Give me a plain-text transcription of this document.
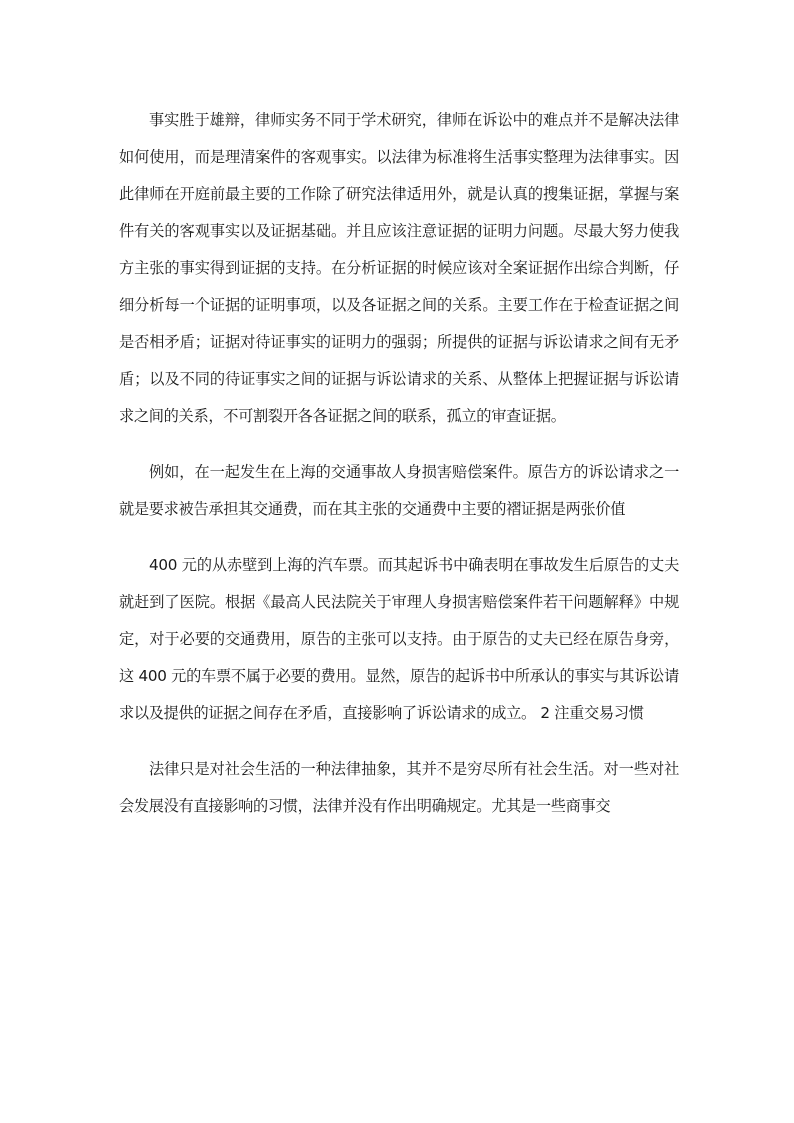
事实胜于雄辩，律师实务不同于学术研究，律师在诉讼中的难点并不是解决法律如何使用，而是理清案件的客观事实。以法律为标准将生活事实整理为法律事实。因此律师在开庭前最主要的工作除了研究法律适用外，就是认真的搜集证据，掌握与案件有关的客观事实以及证据基础。并且应该注意证据的证明力问题。尽最大努力使我方主张的事实得到证据的支持。在分析证据的时候应该对全案证据作出综合判断，仔细分析每一个证据的证明事项，以及各证据之间的关系。主要工作在于检查证据之间是否相矛盾；证据对待证事实的证明力的强弱；所提供的证据与诉讼请求之间有无矛盾；以及不同的待证事实之间的证据与诉讼请求的关系、从整体上把握证据与诉讼请求之间的关系，不可割裂开各各证据之间的联系，孤立的审查证据。

例如，在一起发生在上海的交通事故人身损害赔偿案件。原告方的诉讼请求之一就是要求被告承担其交通费，而在其主张的交通费中主要的褶证据是两张价值

400 元的从赤壁到上海的汽车票。而其起诉书中确表明在事故发生后原告的丈夫就赶到了医院。根据《最高人民法院关于审理人身损害赔偿案件若干问题解释》中规定，对于必要的交通费用，原告的主张可以支持。由于原告的丈夫已经在原告身旁，这 400 元的车票不属于必要的费用。显然，原告的起诉书中所承认的事实与其诉讼请求以及提供的证据之间存在矛盾，直接影响了诉讼请求的成立。 2 注重交易习惯

法律只是对社会生活的一种法律抽象，其并不是穷尽所有社会生活。对一些对社会发展没有直接影响的习惯，法律并没有作出明确规定。尤其是一些商事交
